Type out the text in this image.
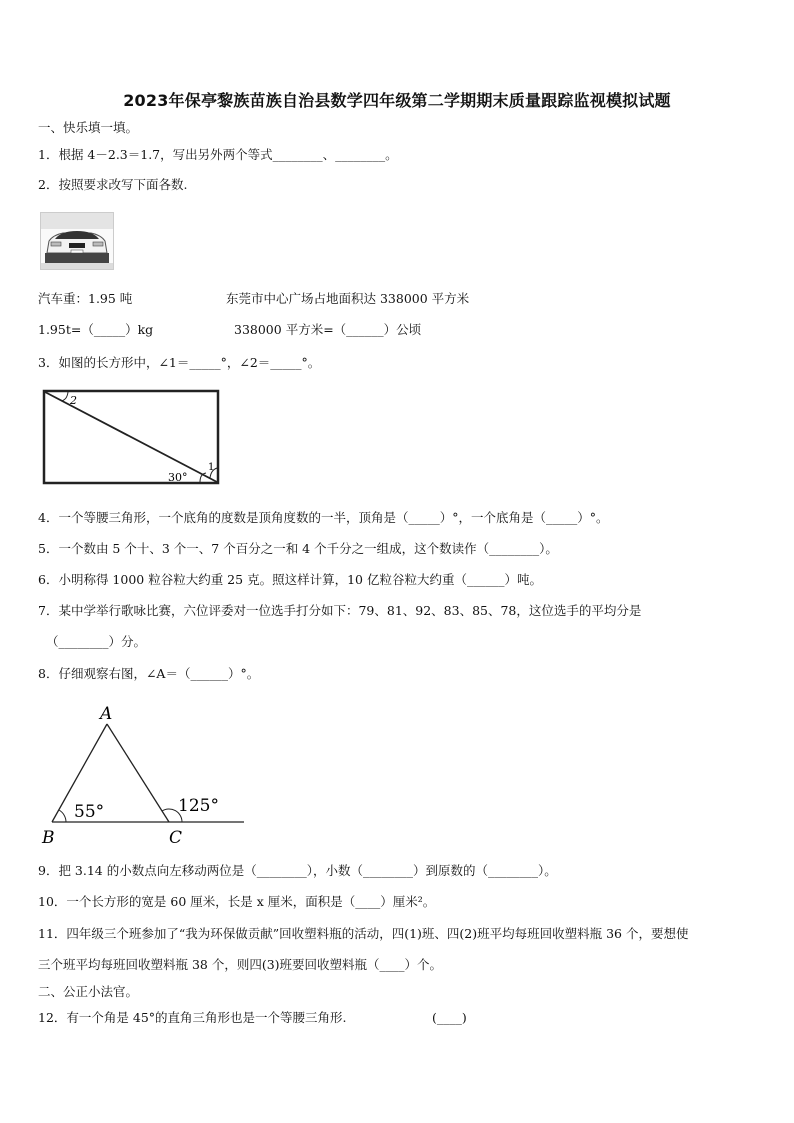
2023年保亭黎族苗族自治县数学四年级第二学期期末质量跟踪监视模拟试题
一、快乐填一填。
1．根据 4－2.3＝1.7，写出另外两个等式________、________。
2．按照要求改写下面各数.
汽车重：1.95 吨	东莞市中心广场占地面积达 338000 平方米
1.95t=（_____）kg	338000 平方米=（______）公顷
3．如图的长方形中，∠1＝_____°，∠2＝_____°。
2
1
30°
4．一个等腰三角形，一个底角的度数是顶角度数的一半，顶角是（_____）°，一个底角是（_____）°。
5．一个数由 5 个十、3 个一、7 个百分之一和 4 个千分之一组成，这个数读作（________）。
6．小明称得 1000 粒谷粒大约重 25 克。照这样计算，10 亿粒谷粒大约重（______）吨。
7．某中学举行歌咏比赛，六位评委对一位选手打分如下：79、81、92、83、85、78，这位选手的平均分是
（________）分。
8．仔细观察右图，∠A＝（______）°。
A
B	C
55°	125°
9．把 3.14 的小数点向左移动两位是（________），小数（________）到原数的（________）。
10．一个长方形的宽是 60 厘米，长是 x 厘米，面积是（____）厘米²。
11．四年级三个班参加了“我为环保做贡献”回收塑料瓶的活动，四(1)班、四(2)班平均每班回收塑料瓶 36 个，要想使
三个班平均每班回收塑料瓶 38 个，则四(3)班要回收塑料瓶（____）个。
二、公正小法官。
12．有一个角是 45°的直角三角形也是一个等腰三角形.	(____)
